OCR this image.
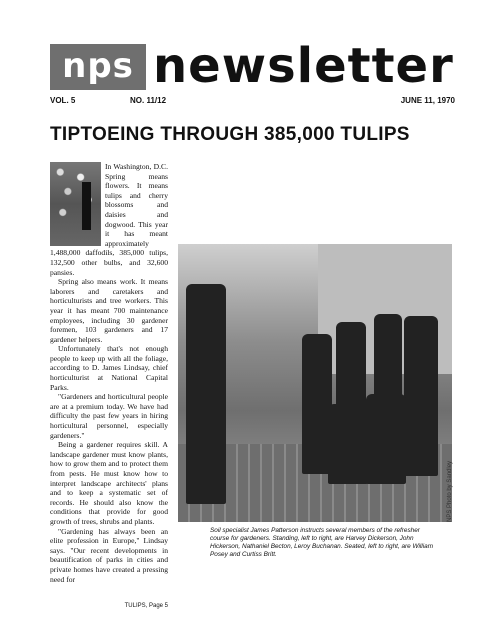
nps newsletter
VOL. 5	NO. 11/12	JUNE 11, 1970
TIPTOEING THROUGH 385,000 TULIPS

In Washington, D.C. Spring means flowers. It means tulips and cherry blossoms and daisies and dogwood. This year it has meant approximately 1,488,000 daffodils, 385,000 tulips, 132,500 other bulbs, and 32,600 pansies.

Spring also means work. It means laborers and caretakers and horticulturists and tree workers. This year it has meant 700 maintenance employees, including 30 gardener foremen, 103 gardeners and 17 gardener helpers.

Unfortunately that's not enough people to keep up with all the foliage, according to D. James Lindsay, chief horticulturist at National Capital Parks.

"Gardeners and horticultural people are at a premium today. We have had difficulty the past few years in hiring horticultural personnel, especially gardeners."

Being a gardener requires skill. A landscape gardener must know plants, how to grow them and to protect them from pests. He must know how to interpret landscape architects' plans and to keep a systematic set of records. He should also know the conditions that provide for good growth of trees, shrubs and plants.

"Gardening has always been an elite profession in Europe," Lindsay says. "Our recent developments in beautification of parks in cities and private homes have created a pressing need for

TULIPS, Page 5
NPS Photo by Sandley
Soil specialist James Patterson instructs several members of the refresher course for gardeners. Standing, left to right, are Harvey Dickerson, John Hickerson, Nathaniel Becton, Leroy Buchanan. Seated, left to right, are William Posey and Curtiss Britt.
